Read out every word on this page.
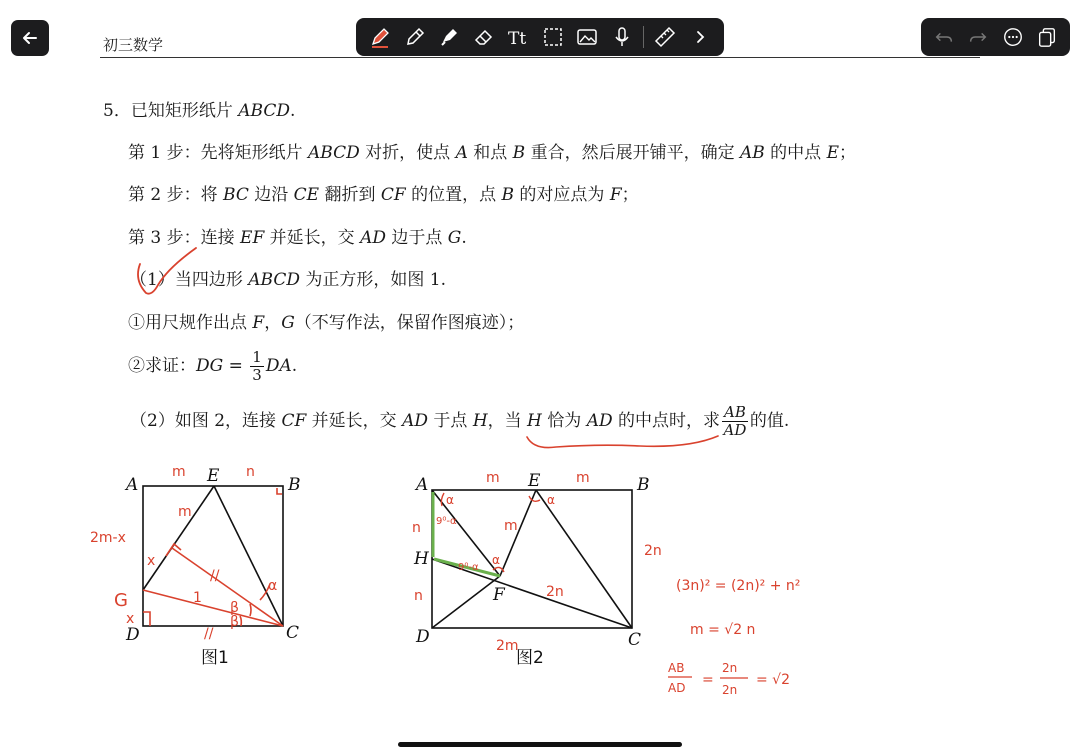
Tt
初三数学
5．已知矩形纸片 ABCD.
第 1 步：先将矩形纸片 ABCD 对折，使点 A 和点 B 重合，然后展开铺平，确定 AB 的中点 E；
第 2 步：将 BC 边沿 CE 翻折到 CF 的位置，点 B 的对应点为 F；
第 3 步：连接 EF 并延长，交 AD 边于点 G.
（1）当四边形 ABCD 为正方形，如图 1.
①用尺规作出点 F，G（不写作法，保留作图痕迹）；
②求证：DG = $\frac{1}{3}$ DA.
（2）如图 2，连接 CF 并延长，交 AD 于点 H，当 H 恰为 AD 的中点时，求 $\frac{AB}{AD}$ 的值.
A	E	B
D	C
图1
m	n
m
2m-x
x
G
x
1
//
α
β
β
//
A	E	B
H
F
D	C
图2
m	m
n
n
m
α	α
α
9⁰-α
9⁰-α
2n
2n
2m
(3n)² = (2n)² + n²
m = √2 n
AB
AD =
2n
2n
= √2
